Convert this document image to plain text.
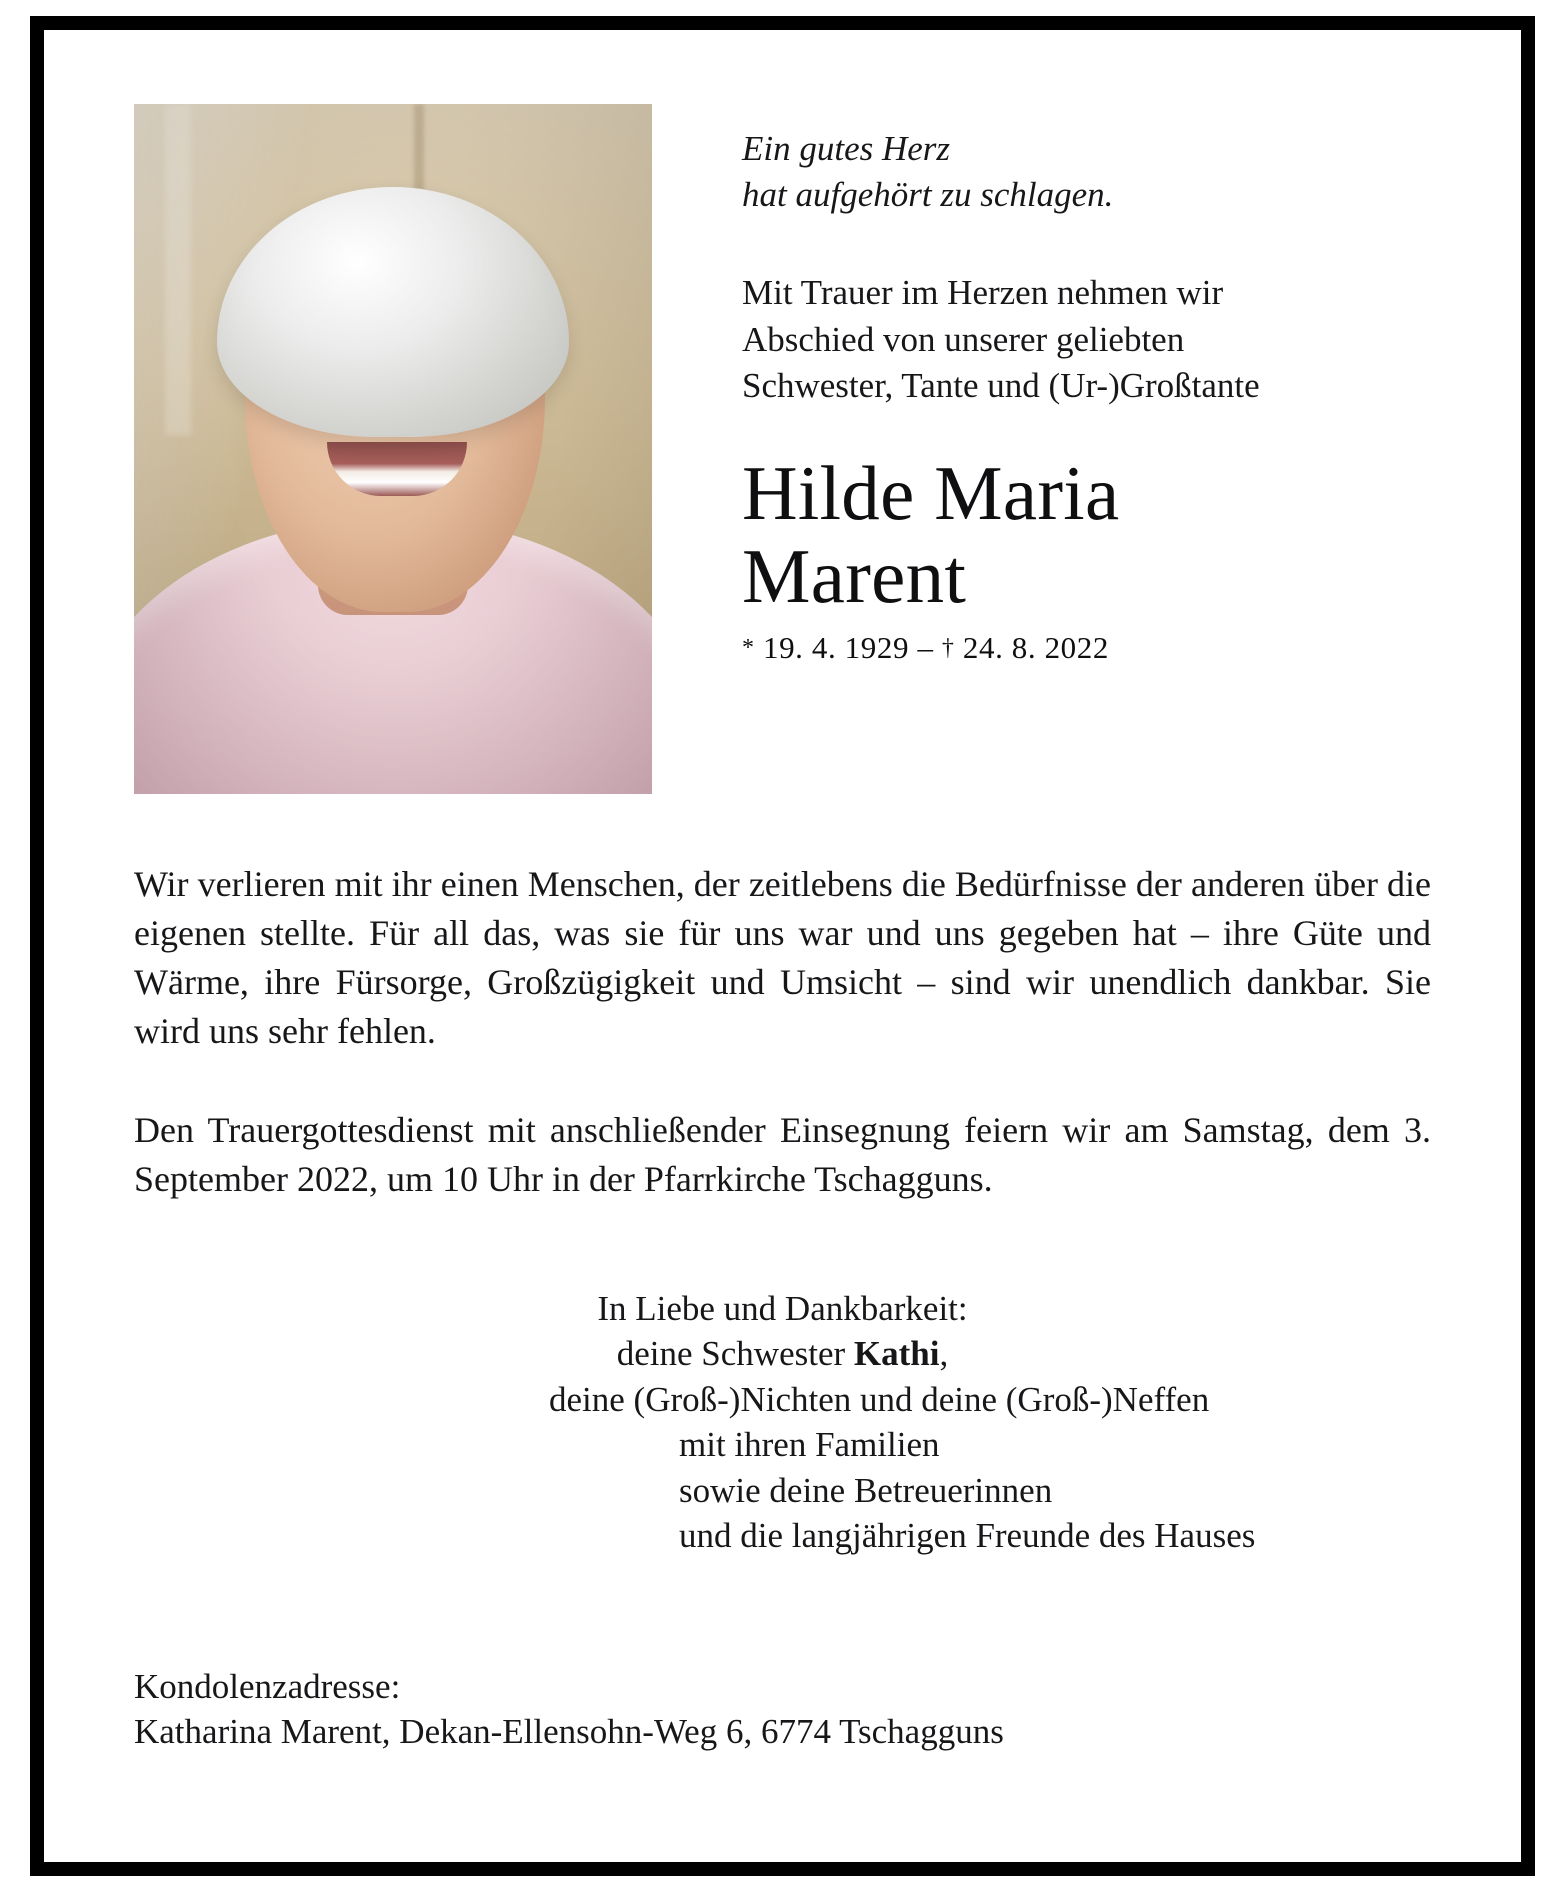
Ein gutes Herz
hat aufgehört zu schlagen.
Mit Trauer im Herzen nehmen wir
Abschied von unserer geliebten
Schwester, Tante und (Ur-)Großtante
Hilde Maria
Marent
* 19. 4. 1929 – † 24. 8. 2022

Wir verlieren mit ihr einen Menschen, der zeitlebens die Bedürfnisse der anderen über die eigenen stellte. Für all das, was sie für uns war und uns gegeben hat – ihre Güte und Wärme, ihre Fürsorge, Großzügigkeit und Umsicht – sind wir unendlich dankbar. Sie wird uns sehr fehlen.

Den Trauergottesdienst mit anschließender Einsegnung feiern wir am Samstag, dem 3. September 2022, um 10 Uhr in der Pfarrkirche Tschagguns.

In Liebe und Dankbarkeit:
deine Schwester Kathi,
deine (Groß-)Nichten und deine (Groß-)Neffen
mit ihren Familien
sowie deine Betreuerinnen
und die langjährigen Freunde des Hauses
Kondolenzadresse:
Katharina Marent, Dekan-Ellensohn-Weg 6, 6774 Tschagguns
